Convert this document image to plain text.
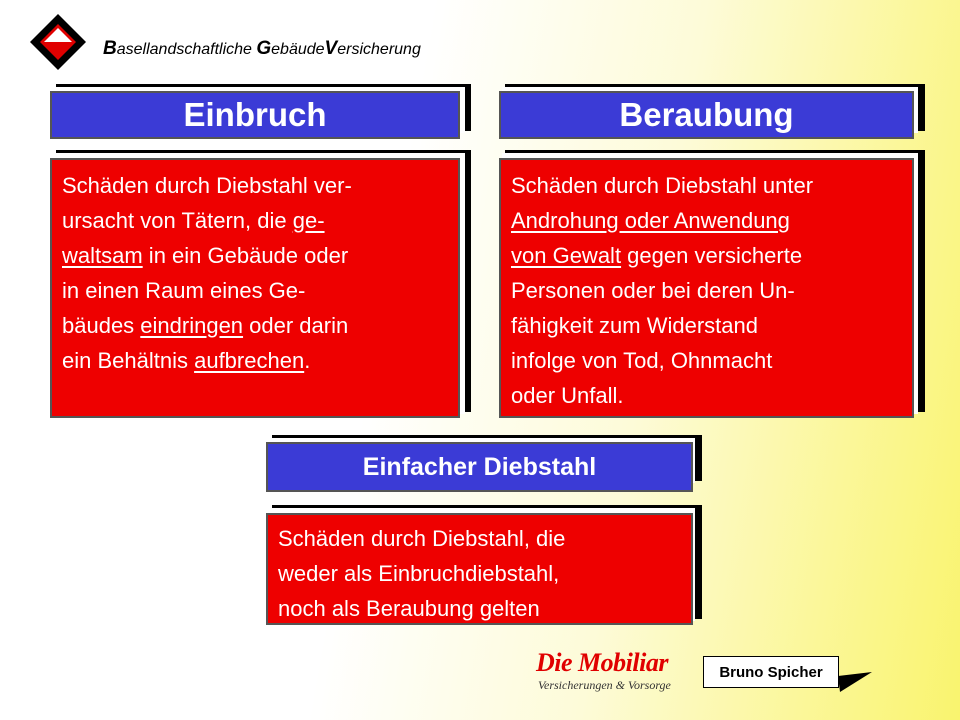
Basellandschaftliche GebäudeVersicherung
Einbruch
Schäden durch Diebstahl ver-
ursacht von Tätern, die ge-
waltsam in ein Gebäude oder
in einen Raum eines Ge-
bäudes eindringen oder darin
ein Behältnis aufbrechen.
Beraubung
Schäden durch Diebstahl unter
Androhung oder Anwendung
von Gewalt gegen versicherte
Personen oder bei deren Un-
fähigkeit zum Widerstand
infolge von Tod, Ohnmacht
oder Unfall.
Einfacher Diebstahl
Schäden durch Diebstahl, die
weder als Einbruchdiebstahl,
noch als Beraubung gelten
Die Mobiliar
Versicherungen & Vorsorge
Bruno Spicher
